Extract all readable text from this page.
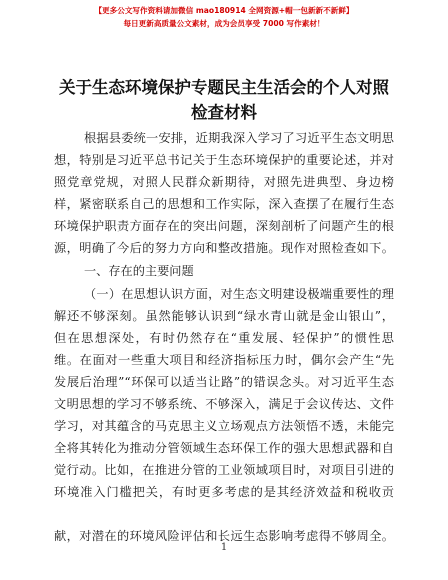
【更多公文写作资料请加微信 mao180914 全网资源+帽一包新新不新鲜】
每日更新高质量公文素材，成为会员享受 7000 写作素材！
关于生态环境保护专题民主生活会的个人对照
检查材料
根据县委统一安排，近期我深入学习了习近平生态文明思
想，特别是习近平总书记关于生态环境保护的重要论述，并对
照党章党规，对照人民群众新期待，对照先进典型、身边榜
样，紧密联系自己的思想和工作实际，深入查摆了在履行生态
环境保护职责方面存在的突出问题，深刻剖析了问题产生的根
源，明确了今后的努力方向和整改措施。现作对照检查如下。
一、存在的主要问题
（一）在思想认识方面，对生态文明建设极端重要性的理
解还不够深刻。虽然能够认识到“绿水青山就是金山银山”，
但在思想深处，有时仍然存在“重发展、轻保护”的惯性思
维。在面对一些重大项目和经济指标压力时，偶尔会产生“先
发展后治理”“环保可以适当让路”的错误念头。对习近平生态
文明思想的学习不够系统、不够深入，满足于会议传达、文件
学习，对其蕴含的马克思主义立场观点方法领悟不透，未能完
全将其转化为推动分管领域生态环保工作的强大思想武器和自
觉行动。比如，在推进分管的工业领域项目时，对项目引进的
环境准入门槛把关，有时更多考虑的是其经济效益和税收贡
1
献，对潜在的环境风险评估和长远生态影响考虑得不够周全。
